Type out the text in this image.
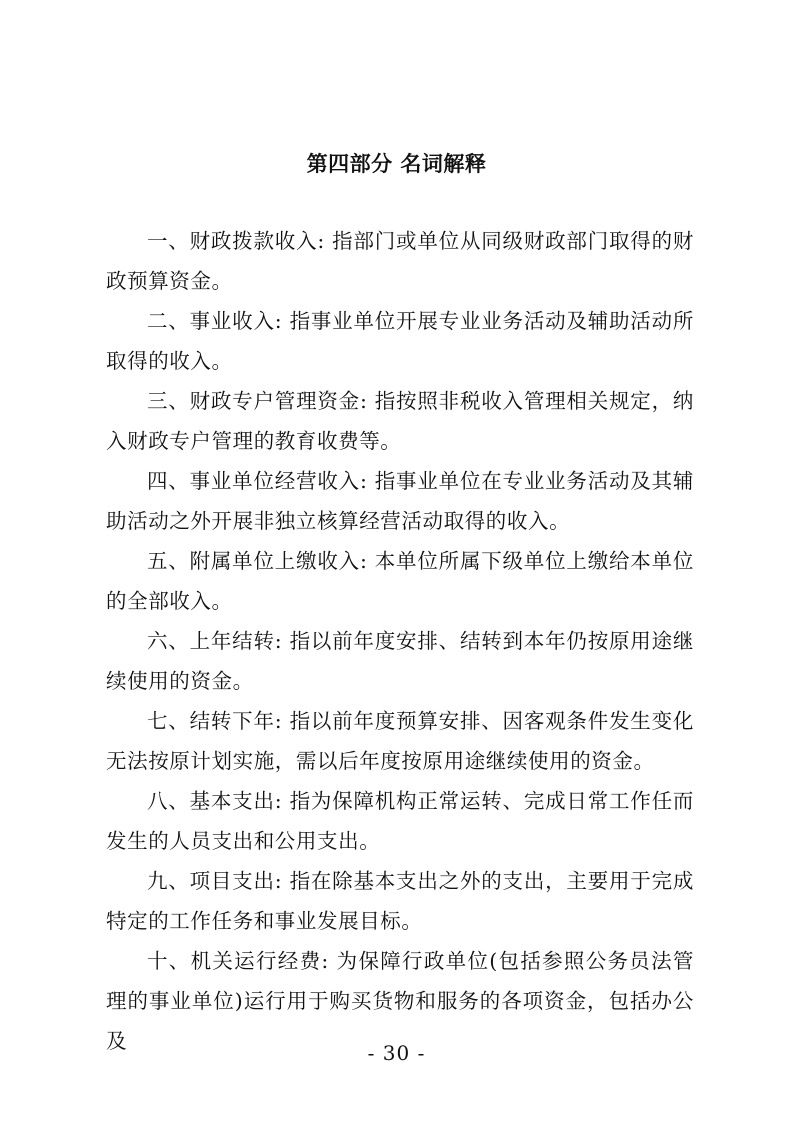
第四部分 名词解释

一、财政拨款收入: 指部门或单位从同级财政部门取得的财政预算资金。

二、事业收入: 指事业单位开展专业业务活动及辅助活动所取得的收入。

三、财政专户管理资金: 指按照非税收入管理相关规定，纳入财政专户管理的教育收费等。

四、事业单位经营收入: 指事业单位在专业业务活动及其辅助活动之外开展非独立核算经营活动取得的收入。

五、附属单位上缴收入: 本单位所属下级单位上缴给本单位的全部收入。

六、上年结转: 指以前年度安排、结转到本年仍按原用途继续使用的资金。

七、结转下年: 指以前年度预算安排、因客观条件发生变化无法按原计划实施，需以后年度按原用途继续使用的资金。

八、基本支出: 指为保障机构正常运转、完成日常工作任而发生的人员支出和公用支出。

九、项目支出: 指在除基本支出之外的支出，主要用于完成特定的工作任务和事业发展目标。

十、机关运行经费: 为保障行政单位(包括参照公务员法管理的事业单位)运行用于购买货物和服务的各项资金，包括办公及	- 30 -
